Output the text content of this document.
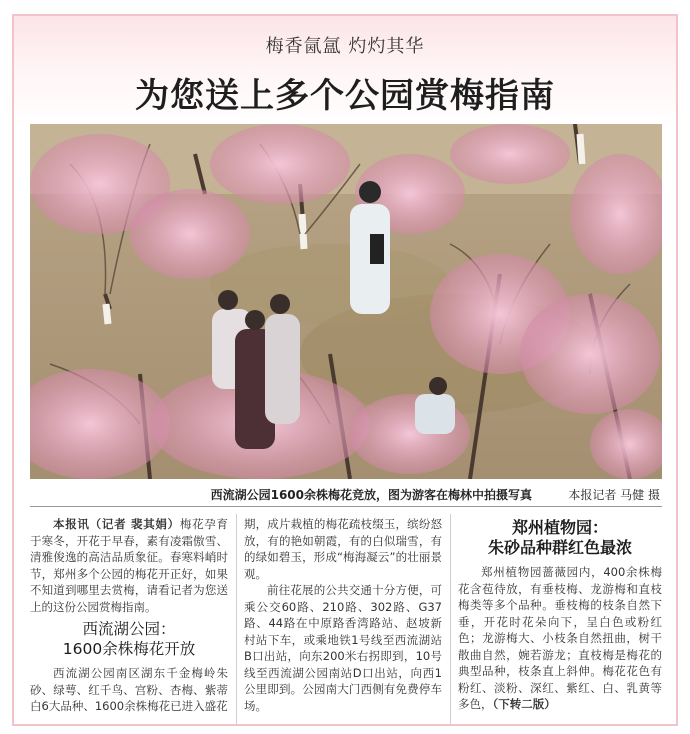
梅香氤氲 灼灼其华
为您送上多个公园赏梅指南
西流湖公园1600余株梅花竞放，图为游客在梅林中拍摄写真	本报记者 马健 摄

本报讯（记者 裴其娟）梅花孕育于寒冬，开花于早春，素有凌霜傲雪、清雅俊逸的高洁品质象征。春寒料峭时节，郑州多个公园的梅花开正好，如果不知道到哪里去赏梅，请看记者为您送上的这份公园赏梅指南。

西流湖公园：
1600余株梅花开放

西流湖公园南区湖东千金梅岭朱砂、绿萼、红千鸟、宫粉、杏梅、紫蒂白6大品种、1600余株梅花已进入盛花

期，成片栽植的梅花疏枝缀玉，缤纷怒放，有的艳如朝霞，有的白似瑞雪，有的绿如碧玉，形成“梅海凝云”的壮丽景观。

前往花展的公共交通十分方便，可乘公交60路、210路、302路、G37路、44路在中原路香湾路站、赵坡新村站下车，或乘地铁1号线至西流湖站B口出站，向东200米右拐即到，10号线至西流湖公园南站D口出站，向西1公里即到。公园南大门西侧有免费停车场。

郑州植物园：
朱砂品种群红色最浓

郑州植物园蔷薇园内，400余株梅花含苞待放，有垂枝梅、龙游梅和直枝梅类等多个品种。垂枝梅的枝条自然下垂，开花时花朵向下，呈白色或粉红色；龙游梅大、小枝条自然扭曲，树干散曲自然，婉若游龙；直枝梅是梅花的典型品种，枝条直上斜伸。梅花花色有粉红、淡粉、深红、紫红、白、乳黄等多色，（下转二版）
